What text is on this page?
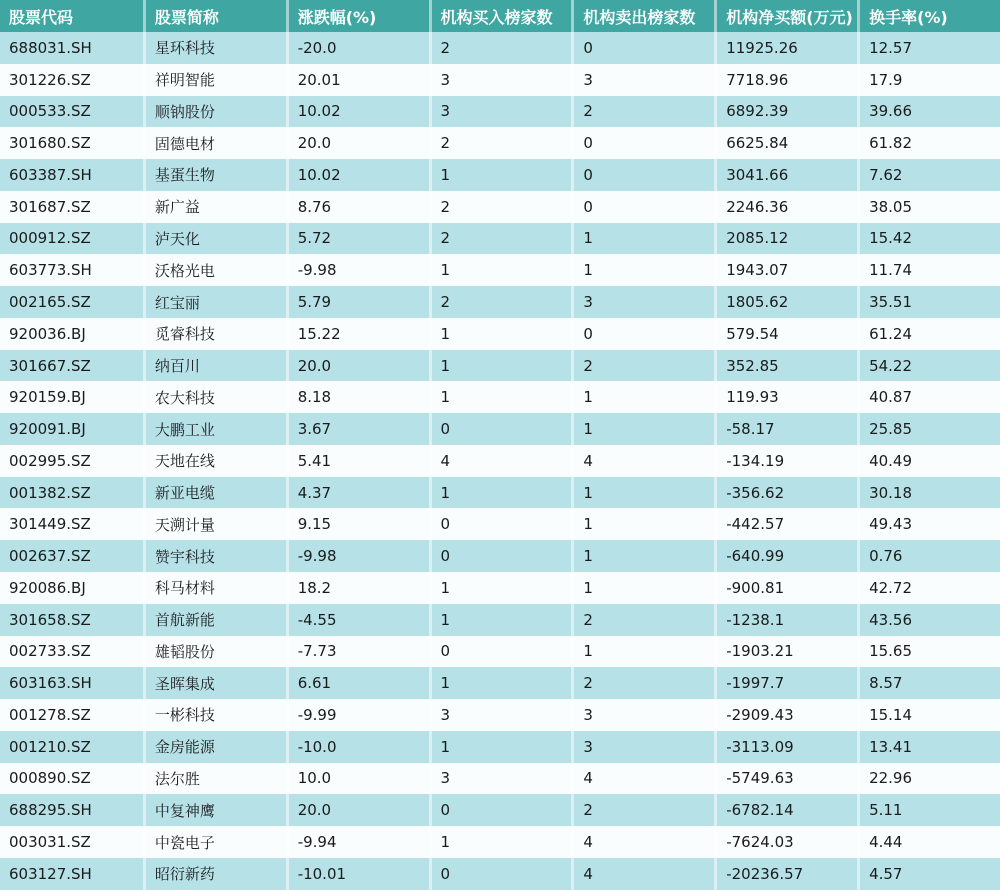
股票代码	股票简称	涨跌幅(%)	机构买入榜家数	机构卖出榜家数	机构净买额(万元)	换手率(%)
688031.SH	星环科技	-20.0	2	0	11925.26	12.57
301226.SZ	祥明智能	20.01	3	3	7718.96	17.9
000533.SZ	顺钠股份	10.02	3	2	6892.39	39.66
301680.SZ	固德电材	20.0	2	0	6625.84	61.82
603387.SH	基蛋生物	10.02	1	0	3041.66	7.62
301687.SZ	新广益	8.76	2	0	2246.36	38.05
000912.SZ	泸天化	5.72	2	1	2085.12	15.42
603773.SH	沃格光电	-9.98	1	1	1943.07	11.74
002165.SZ	红宝丽	5.79	2	3	1805.62	35.51
920036.BJ	觅睿科技	15.22	1	0	579.54	61.24
301667.SZ	纳百川	20.0	1	2	352.85	54.22
920159.BJ	农大科技	8.18	1	1	119.93	40.87
920091.BJ	大鹏工业	3.67	0	1	-58.17	25.85
002995.SZ	天地在线	5.41	4	4	-134.19	40.49
001382.SZ	新亚电缆	4.37	1	1	-356.62	30.18
301449.SZ	天溯计量	9.15	0	1	-442.57	49.43
002637.SZ	赞宇科技	-9.98	0	1	-640.99	0.76
920086.BJ	科马材料	18.2	1	1	-900.81	42.72
301658.SZ	首航新能	-4.55	1	2	-1238.1	43.56
002733.SZ	雄韬股份	-7.73	0	1	-1903.21	15.65
603163.SH	圣晖集成	6.61	1	2	-1997.7	8.57
001278.SZ	一彬科技	-9.99	3	3	-2909.43	15.14
001210.SZ	金房能源	-10.0	1	3	-3113.09	13.41
000890.SZ	法尔胜	10.0	3	4	-5749.63	22.96
688295.SH	中复神鹰	20.0	0	2	-6782.14	5.11
003031.SZ	中瓷电子	-9.94	1	4	-7624.03	4.44
603127.SH	昭衍新药	-10.01	0	4	-20236.57	4.57
